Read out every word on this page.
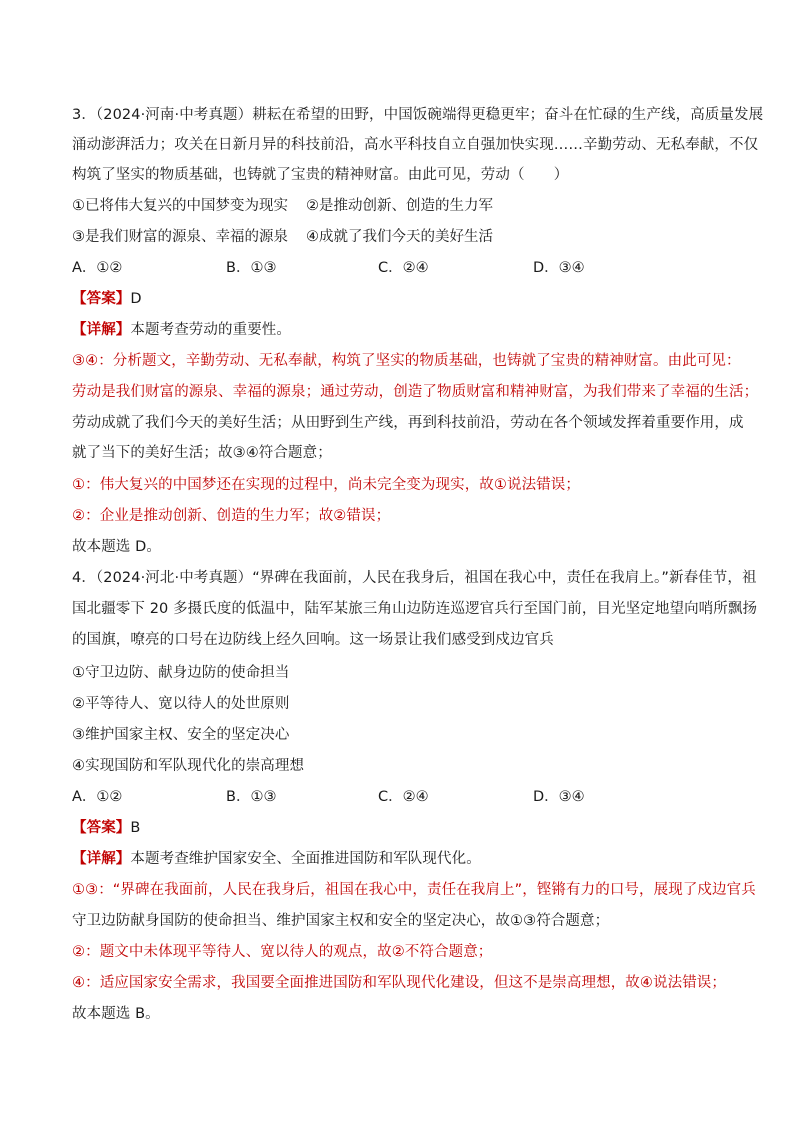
3．（2024·河南·中考真题）耕耘在希望的田野，中国饭碗端得更稳更牢；奋斗在忙碌的生产线，高质量发展
涌动澎湃活力；攻关在日新月异的科技前沿，高水平科技自立自强加快实现……辛勤劳动、无私奉献，不仅
构筑了坚实的物质基础，也铸就了宝贵的精神财富。由此可见，劳动（　　）
①已将伟大复兴的中国梦变为现实 ②是推动创新、创造的生力军
③是我们财富的源泉、幸福的源泉 ④成就了我们今天的美好生活
A．①②	B．①③	C．②④	D．③④
【答案】D
【详解】本题考查劳动的重要性。
③④：分析题文，辛勤劳动、无私奉献，构筑了坚实的物质基础，也铸就了宝贵的精神财富。由此可见：
劳动是我们财富的源泉、幸福的源泉；通过劳动，创造了物质财富和精神财富，为我们带来了幸福的生活；
劳动成就了我们今天的美好生活；从田野到生产线，再到科技前沿，劳动在各个领域发挥着重要作用，成
就了当下的美好生活；故③④符合题意；
①：伟大复兴的中国梦还在实现的过程中，尚未完全变为现实，故①说法错误；
②：企业是推动创新、创造的生力军；故②错误；
故本题选 D。
4．（2024·河北·中考真题）“界碑在我面前，人民在我身后，祖国在我心中，责任在我肩上。”新春佳节，祖
国北疆零下 20 多摄氏度的低温中，陆军某旅三角山边防连巡逻官兵行至国门前，目光坚定地望向哨所飘扬
的国旗，嘹亮的口号在边防线上经久回响。这一场景让我们感受到戍边官兵
①守卫边防、献身边防的使命担当
②平等待人、宽以待人的处世原则
③维护国家主权、安全的坚定决心
④实现国防和军队现代化的崇高理想
A．①②	B．①③	C．②④	D．③④
【答案】B
【详解】本题考查维护国家安全、全面推进国防和军队现代化。
①③：“界碑在我面前，人民在我身后，祖国在我心中，责任在我肩上”，铿锵有力的口号，展现了戍边官兵
守卫边防献身国防的使命担当、维护国家主权和安全的坚定决心，故①③符合题意；
②：题文中未体现平等待人、宽以待人的观点，故②不符合题意；
④：适应国家安全需求，我国要全面推进国防和军队现代化建设，但这不是崇高理想，故④说法错误；
故本题选 B。
